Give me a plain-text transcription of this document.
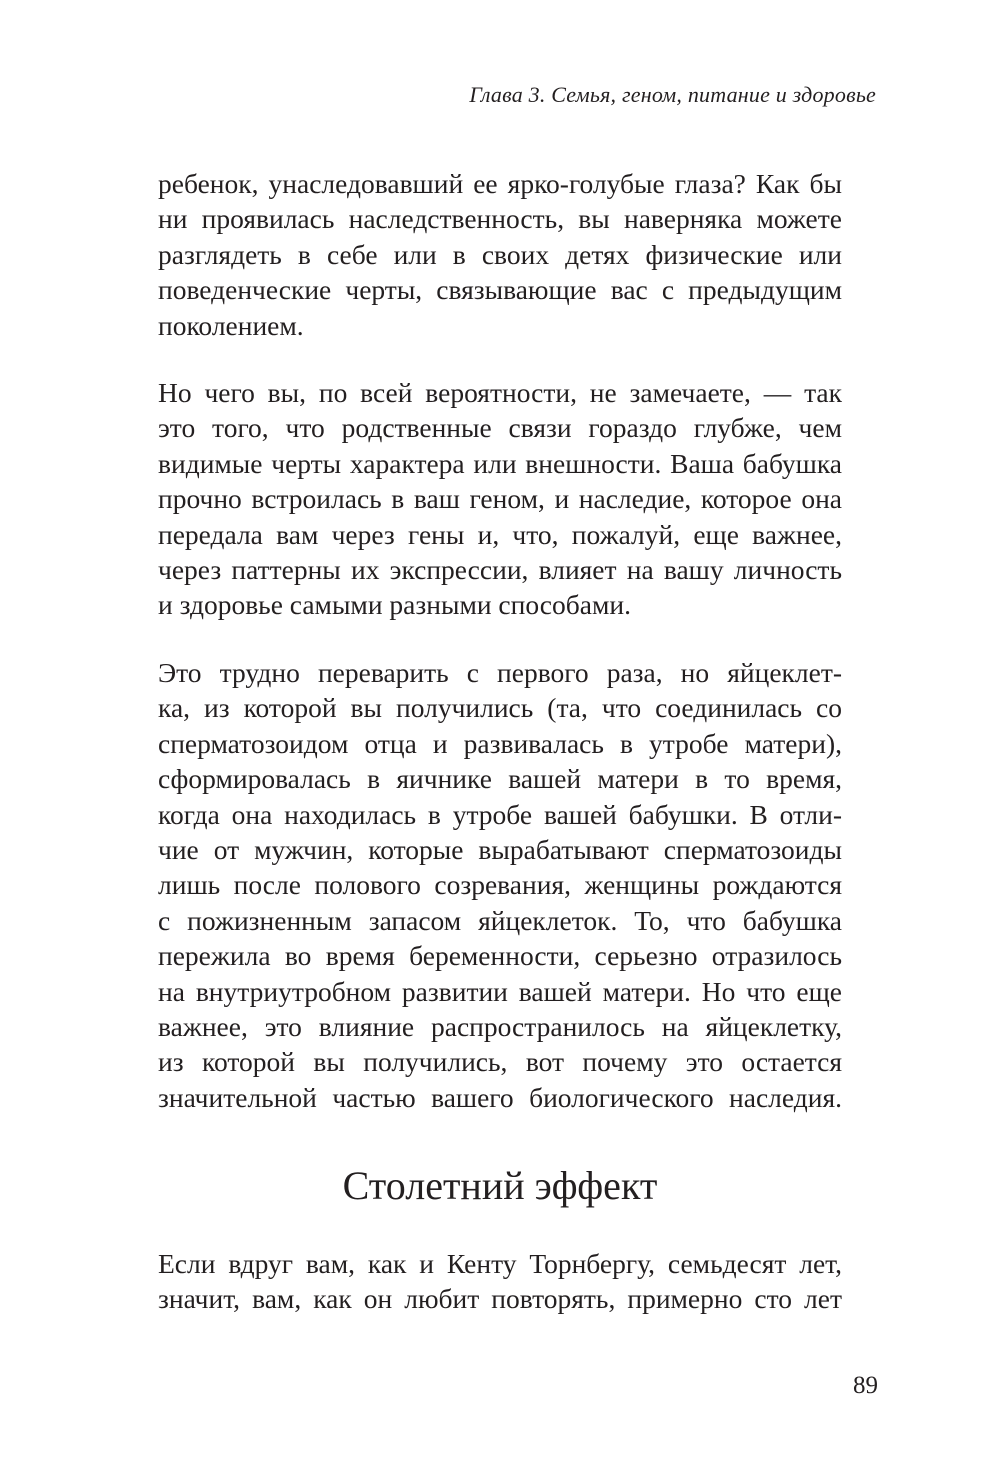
Глава 3. Семья, геном, питание и здоровье

ребенок, унаследовавший ее ярко-голубые глаза? Как бы
ни проявилась наследственность, вы наверняка можете
разглядеть в себе или в своих детях физические или
поведенческие черты, связывающие вас с предыдущим
поколением.

Но чего вы, по всей вероятности, не замечаете, — так
это того, что родственные связи гораздо глубже, чем
видимые черты характера или внешности. Ваша бабушка
прочно встроилась в ваш геном, и наследие, которое она
передала вам через гены и, что, пожалуй, еще важнее,
через паттерны их экспрессии, влияет на вашу личность
и здоровье самыми разными способами.

Это трудно переварить с первого раза, но яйцеклет-
ка, из которой вы получились (та, что соединилась со
сперматозоидом отца и развивалась в утробе матери),
сформировалась в яичнике вашей матери в то время,
когда она находилась в утробе вашей бабушки. В отли-
чие от мужчин, которые вырабатывают сперматозоиды
лишь после полового созревания, женщины рождаются
с пожизненным запасом яйцеклеток. То, что бабушка
пережила во время беременности, серьезно отразилось
на внутриутробном развитии вашей матери. Но что еще
важнее, это влияние распространилось на яйцеклетку,
из которой вы получились, вот почему это остается
значительной частью вашего биологического наследия.

Столетний эффект

Если вдруг вам, как и Кенту Торнбергу, семьдесят лет,
значит, вам, как он любит повторять, примерно сто лет

89
